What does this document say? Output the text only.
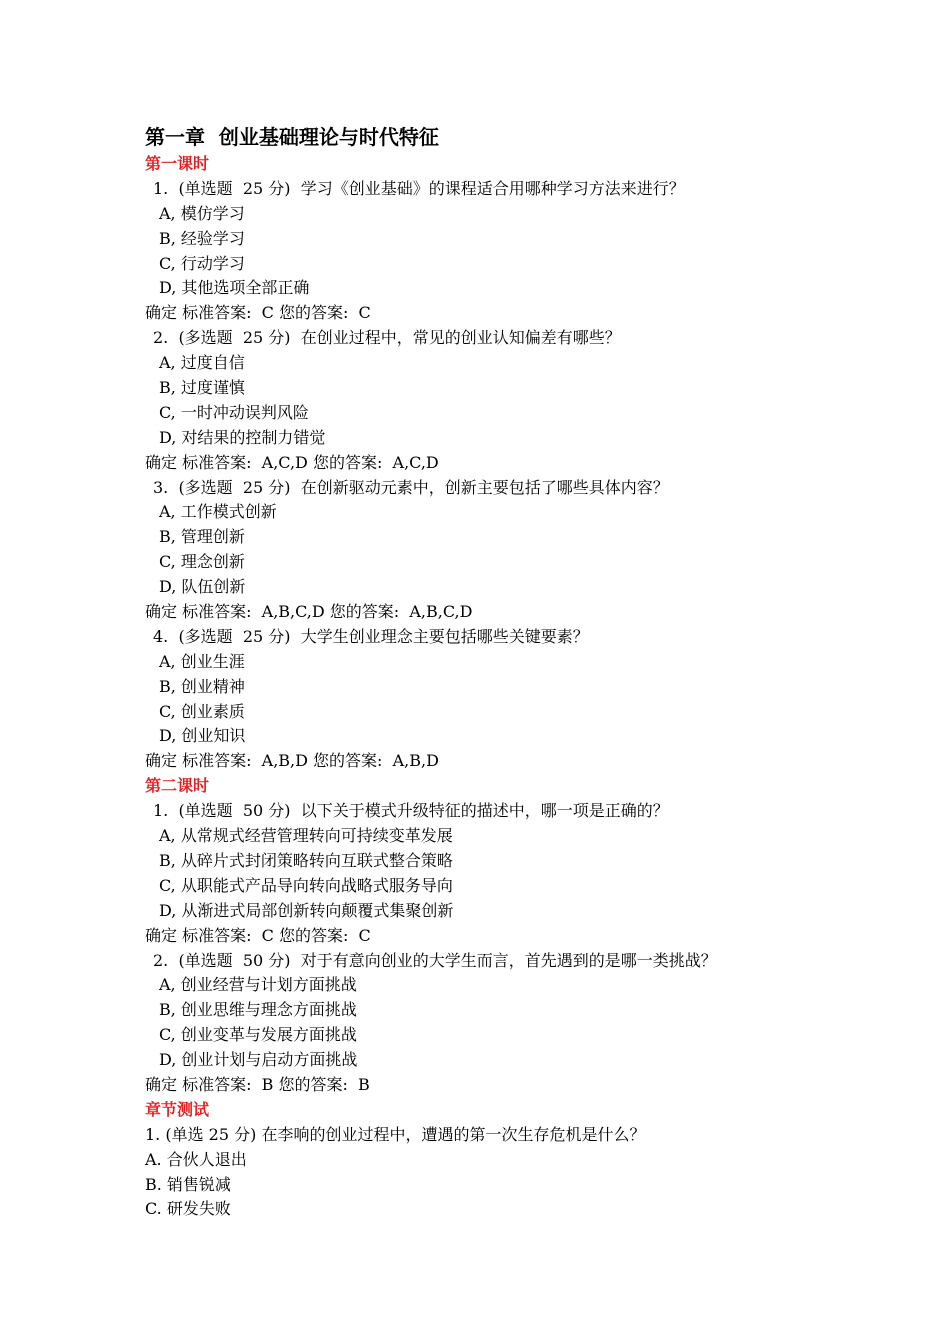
第一章  创业基础理论与时代特征
第一课时
1.  (单选题  25 分)  学习《创业基础》的课程适合用哪种学习方法来进行？
A, 模仿学习
B, 经验学习
C, 行动学习
D, 其他选项全部正确
确定 标准答案:  C 您的答案:  C
2.  (多选题  25 分)  在创业过程中，常见的创业认知偏差有哪些？
A, 过度自信
B, 过度谨慎
C, 一时冲动误判风险
D, 对结果的控制力错觉
确定 标准答案:  A,C,D 您的答案:  A,C,D
3.  (多选题  25 分)  在创新驱动元素中，创新主要包括了哪些具体内容？
A, 工作模式创新
B, 管理创新
C, 理念创新
D, 队伍创新
确定 标准答案:  A,B,C,D 您的答案:  A,B,C,D
4.  (多选题  25 分)  大学生创业理念主要包括哪些关键要素？
A, 创业生涯
B, 创业精神
C, 创业素质
D, 创业知识
确定 标准答案:  A,B,D 您的答案:  A,B,D
第二课时
1.  (单选题  50 分)  以下关于模式升级特征的描述中，哪一项是正确的？
A, 从常规式经营管理转向可持续变革发展
B, 从碎片式封闭策略转向互联式整合策略
C, 从职能式产品导向转向战略式服务导向
D, 从渐进式局部创新转向颠覆式集聚创新
确定 标准答案:  C 您的答案:  C
2.  (单选题  50 分)  对于有意向创业的大学生而言，首先遇到的是哪一类挑战？
A, 创业经营与计划方面挑战
B, 创业思维与理念方面挑战
C, 创业变革与发展方面挑战
D, 创业计划与启动方面挑战
确定 标准答案:  B 您的答案:  B
章节测试
1. (单选 25 分) 在李响的创业过程中，遭遇的第一次生存危机是什么？
A. 合伙人退出
B. 销售锐减
C. 研发失败
